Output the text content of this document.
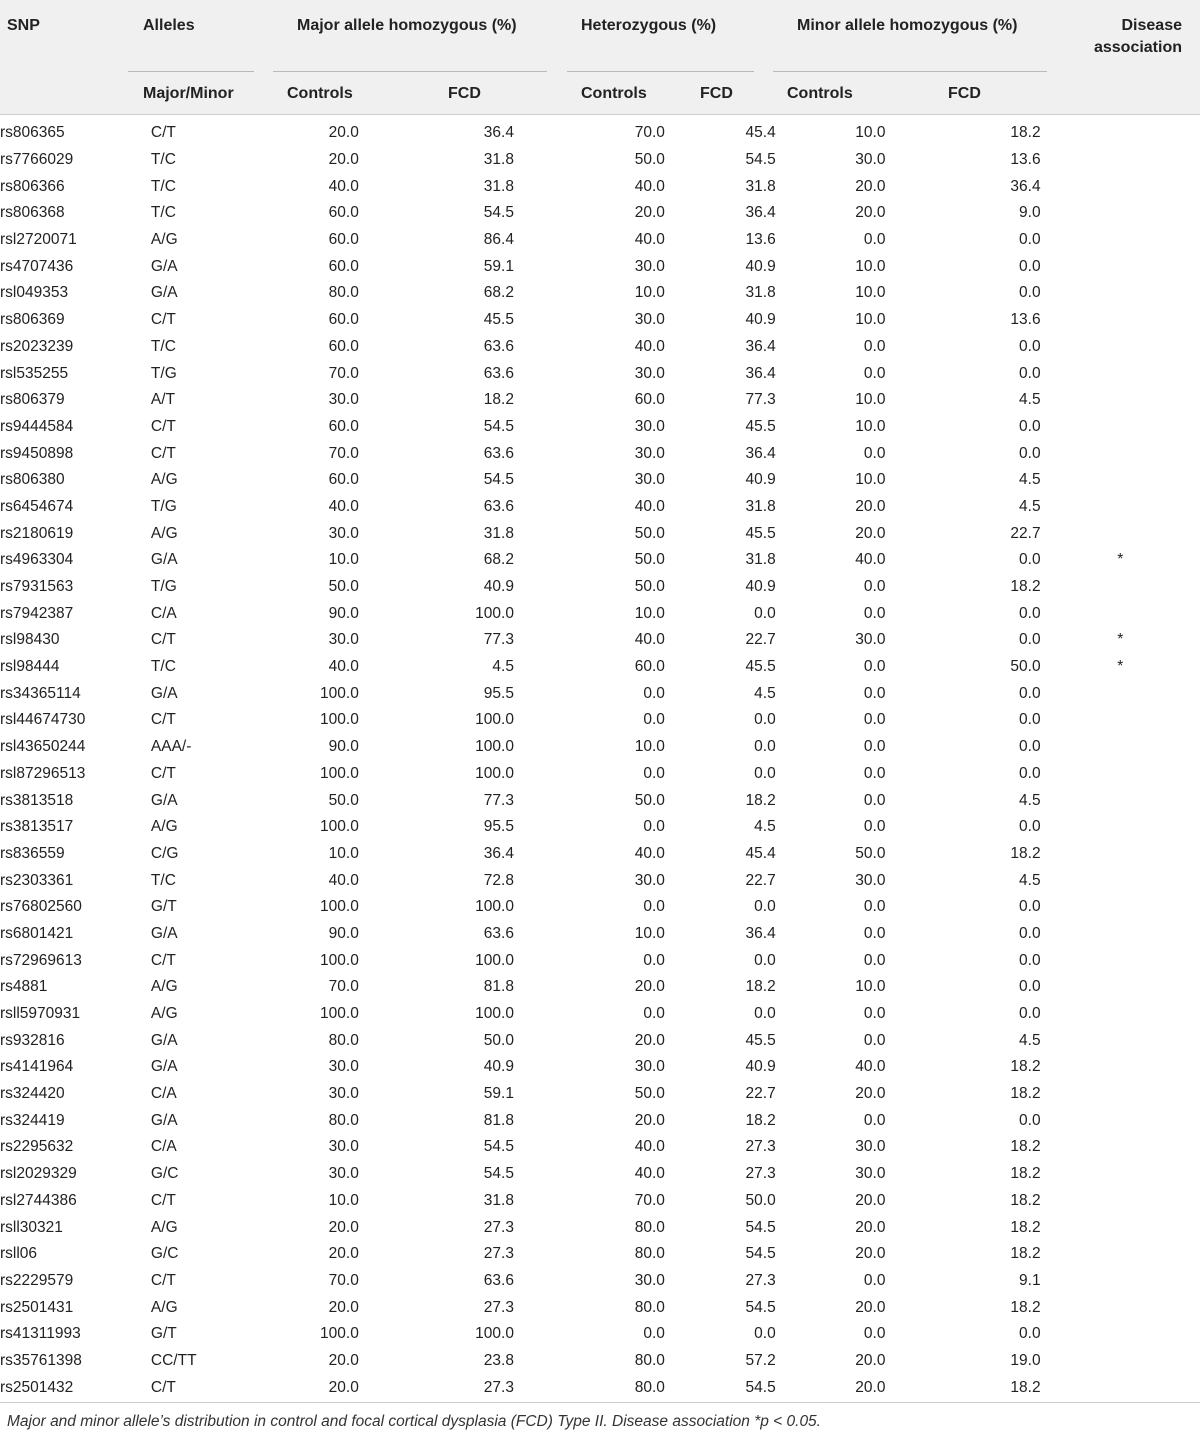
SNP	Alleles	Major allele homozygous (%)	Heterozygous (%)	Minor allele homozygous (%)	Disease
association
Major/Minor	Controls	FCD	Controls	FCD	Controls	FCD
rs806365	C/T	20.0	36.4	70.0	45.4	10.0	18.2	
rs7766029	T/C	20.0	31.8	50.0	54.5	30.0	13.6	
rs806366	T/C	40.0	31.8	40.0	31.8	20.0	36.4	
rs806368	T/C	60.0	54.5	20.0	36.4	20.0	9.0	
rsl2720071	A/G	60.0	86.4	40.0	13.6	0.0	0.0	
rs4707436	G/A	60.0	59.1	30.0	40.9	10.0	0.0	
rsl049353	G/A	80.0	68.2	10.0	31.8	10.0	0.0	
rs806369	C/T	60.0	45.5	30.0	40.9	10.0	13.6	
rs2023239	T/C	60.0	63.6	40.0	36.4	0.0	0.0	
rsl535255	T/G	70.0	63.6	30.0	36.4	0.0	0.0	
rs806379	A/T	30.0	18.2	60.0	77.3	10.0	4.5	
rs9444584	C/T	60.0	54.5	30.0	45.5	10.0	0.0	
rs9450898	C/T	70.0	63.6	30.0	36.4	0.0	0.0	
rs806380	A/G	60.0	54.5	30.0	40.9	10.0	4.5	
rs6454674	T/G	40.0	63.6	40.0	31.8	20.0	4.5	
rs2180619	A/G	30.0	31.8	50.0	45.5	20.0	22.7	
rs4963304	G/A	10.0	68.2	50.0	31.8	40.0	0.0	*
rs7931563	T/G	50.0	40.9	50.0	40.9	0.0	18.2	
rs7942387	C/A	90.0	100.0	10.0	0.0	0.0	0.0	
rsl98430	C/T	30.0	77.3	40.0	22.7	30.0	0.0	*
rsl98444	T/C	40.0	4.5	60.0	45.5	0.0	50.0	*
rs34365114	G/A	100.0	95.5	0.0	4.5	0.0	0.0	
rsl44674730	C/T	100.0	100.0	0.0	0.0	0.0	0.0	
rsl43650244	AAA/-	90.0	100.0	10.0	0.0	0.0	0.0	
rsl87296513	C/T	100.0	100.0	0.0	0.0	0.0	0.0	
rs3813518	G/A	50.0	77.3	50.0	18.2	0.0	4.5	
rs3813517	A/G	100.0	95.5	0.0	4.5	0.0	0.0	
rs836559	C/G	10.0	36.4	40.0	45.4	50.0	18.2	
rs2303361	T/C	40.0	72.8	30.0	22.7	30.0	4.5	
rs76802560	G/T	100.0	100.0	0.0	0.0	0.0	0.0	
rs6801421	G/A	90.0	63.6	10.0	36.4	0.0	0.0	
rs72969613	C/T	100.0	100.0	0.0	0.0	0.0	0.0	
rs4881	A/G	70.0	81.8	20.0	18.2	10.0	0.0	
rsll5970931	A/G	100.0	100.0	0.0	0.0	0.0	0.0	
rs932816	G/A	80.0	50.0	20.0	45.5	0.0	4.5	
rs4141964	G/A	30.0	40.9	30.0	40.9	40.0	18.2	
rs324420	C/A	30.0	59.1	50.0	22.7	20.0	18.2	
rs324419	G/A	80.0	81.8	20.0	18.2	0.0	0.0	
rs2295632	C/A	30.0	54.5	40.0	27.3	30.0	18.2	
rsl2029329	G/C	30.0	54.5	40.0	27.3	30.0	18.2	
rsl2744386	C/T	10.0	31.8	70.0	50.0	20.0	18.2	
rsll30321	A/G	20.0	27.3	80.0	54.5	20.0	18.2	
rsll06	G/C	20.0	27.3	80.0	54.5	20.0	18.2	
rs2229579	C/T	70.0	63.6	30.0	27.3	0.0	9.1	
rs2501431	A/G	20.0	27.3	80.0	54.5	20.0	18.2	
rs41311993	G/T	100.0	100.0	0.0	0.0	0.0	0.0	
rs35761398	CC/TT	20.0	23.8	80.0	57.2	20.0	19.0	
rs2501432	C/T	20.0	27.3	80.0	54.5	20.0	18.2	
Major and minor allele’s distribution in control and focal cortical dysplasia (FCD) Type II. Disease association *p < 0.05.
